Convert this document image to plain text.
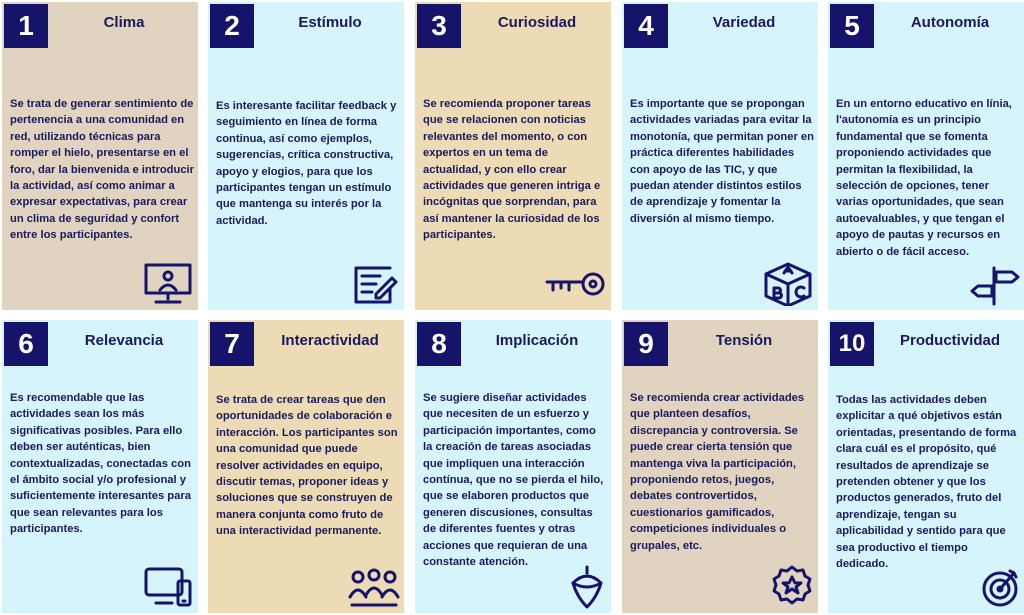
1	Clima
Se trata de generar sentimiento de pertenencia a una comunidad en red, utilizando técnicas para romper el hielo, presentarse en el foro, dar la bienvenida e introducir la actividad, así como animar a expresar expectativas, para crear un clima de seguridad y confort entre los participantes.
2	Estímulo
Es interesante facilitar feedback y seguimiento en línea de forma continua, así como ejemplos, sugerencias, crítica constructiva, apoyo y elogios, para que los participantes tengan un estímulo que mantenga su interés por la actividad.
3	Curiosidad
Se recomienda proponer tareas que se relacionen con noticias relevantes del momento, o con expertos en un tema de actualidad, y con ello crear actividades que generen intriga e incógnitas que sorprendan, para así mantener la curiosidad de los participantes.
4	Variedad
Es importante que se propongan actividades variadas para evitar la monotonía, que permitan poner en práctica diferentes habilidades con apoyo de las TIC, y que puedan atender distintos estilos de aprendizaje y fomentar la diversión al mismo tiempo.
5	Autonomía
En un entorno educativo en línia, l'autonomía es un principio fundamental que se fomenta proponiendo actividades que permitan la flexibilidad, la selección de opciones, tener varias oportunidades, que sean autoevaluables, y que tengan el apoyo de pautas y recursos en abierto o de fácil acceso.
6	Relevancia
Es recomendable que las actividades sean los más significativas posibles. Para ello deben ser auténticas, bien contextualizadas, conectadas con el ámbito social y/o profesional y suficientemente interesantes para que sean relevantes para los participantes.
7	Interactividad
Se trata de crear tareas que den oportunidades de colaboración e interacción. Los participantes son una comunidad que puede resolver actividades en equipo, discutir temas, proponer ideas y soluciones que se construyen de manera conjunta como fruto de una interactividad permanente.
8	Implicación
Se sugiere diseñar actividades que necesiten de un esfuerzo y participación importantes, como la creación de tareas asociadas que impliquen una interacción contínua, que no se pierda el hilo, que se elaboren productos que generen discusiones, consultas de diferentes fuentes y otras acciones que requieran de una constante atención.
9	Tensión
Se recomienda crear actividades que planteen desafíos, discrepancia y controversia. Se puede crear cierta tensión que mantenga viva la participación, proponiendo retos, juegos, debates controvertidos, cuestionarios gamificados, competiciones individuales o grupales, etc.
10	Productividad
Todas las actividades deben explicitar a qué objetivos están orientadas, presentando de forma clara cuál es el propósito, qué resultados de aprendizaje se pretenden obtener y que los productos generados, fruto del aprendizaje, tengan su aplicabilidad y sentido para que sea productivo el tiempo dedicado.
